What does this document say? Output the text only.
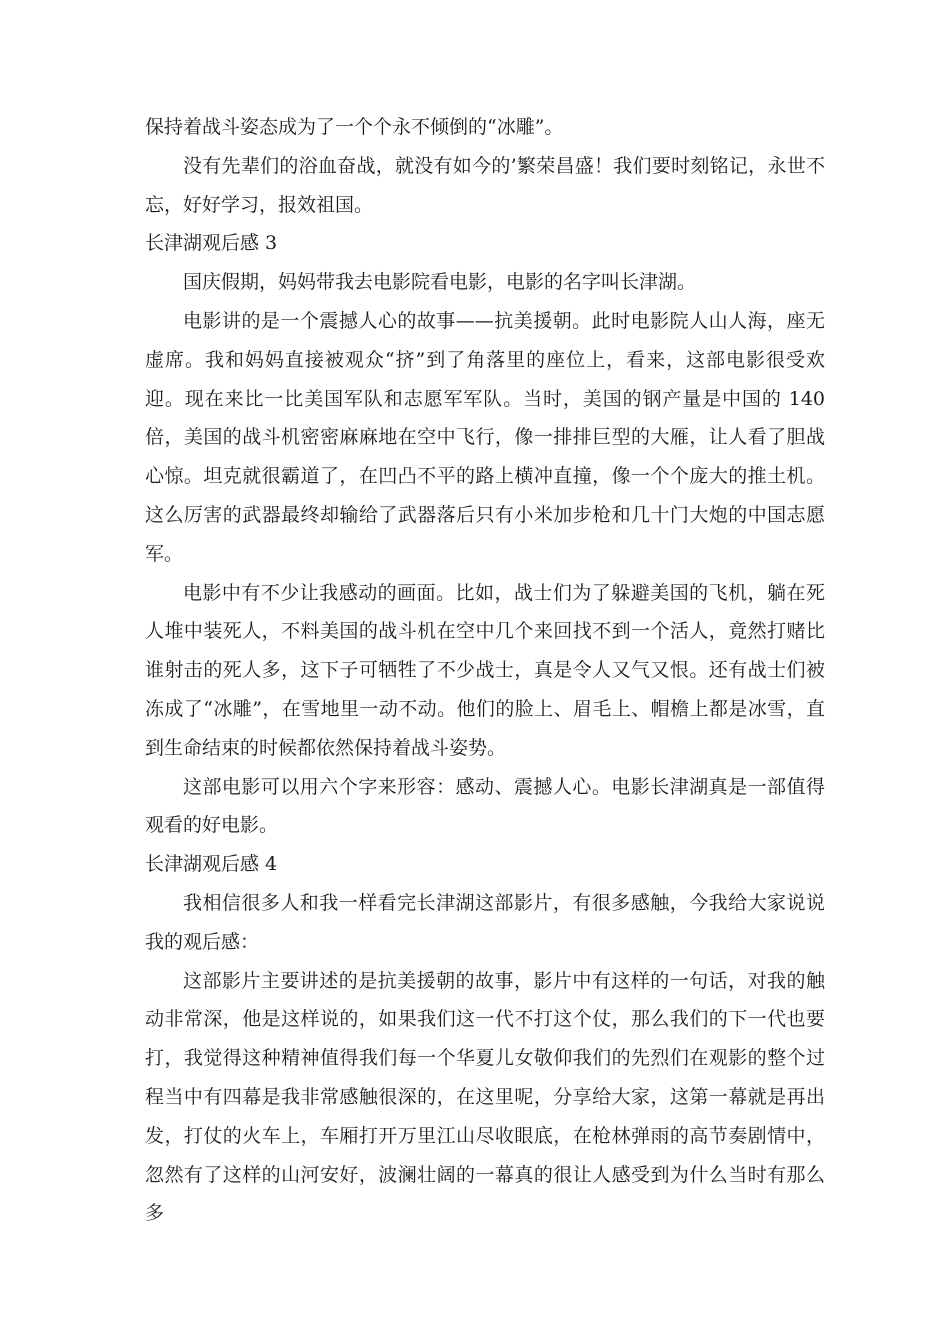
保持着战斗姿态成为了一个个永不倾倒的“冰雕”。

没有先辈们的浴血奋战，就没有如今的’繁荣昌盛！我们要时刻铭记，永世不忘，好好学习，报效祖国。

长津湖观后感 3

国庆假期，妈妈带我去电影院看电影，电影的名字叫长津湖。

电影讲的是一个震撼人心的故事——抗美援朝。此时电影院人山人海，座无虚席。我和妈妈直接被观众“挤”到了角落里的座位上，看来，这部电影很受欢迎。现在来比一比美国军队和志愿军军队。当时，美国的钢产量是中国的 140 倍，美国的战斗机密密麻麻地在空中飞行，像一排排巨型的大雁，让人看了胆战心惊。坦克就很霸道了，在凹凸不平的路上横冲直撞，像一个个庞大的推土机。这么厉害的武器最终却输给了武器落后只有小米加步枪和几十门大炮的中国志愿军。

电影中有不少让我感动的画面。比如，战士们为了躲避美国的飞机，躺在死人堆中装死人，不料美国的战斗机在空中几个来回找不到一个活人，竟然打赌比谁射击的死人多，这下子可牺牲了不少战士，真是令人又气又恨。还有战士们被冻成了“冰雕”，在雪地里一动不动。他们的脸上、眉毛上、帽檐上都是冰雪，直到生命结束的时候都依然保持着战斗姿势。

这部电影可以用六个字来形容：感动、震撼人心。电影长津湖真是一部值得观看的好电影。

长津湖观后感 4

我相信很多人和我一样看完长津湖这部影片，有很多感触，今我给大家说说我的观后感：

这部影片主要讲述的是抗美援朝的故事，影片中有这样的一句话，对我的触动非常深，他是这样说的，如果我们这一代不打这个仗，那么我们的下一代也要打，我觉得这种精神值得我们每一个华夏儿女敬仰我们的先烈们在观影的整个过程当中有四幕是我非常感触很深的，在这里呢，分享给大家，这第一幕就是再出发，打仗的火车上，车厢打开万里江山尽收眼底，在枪林弹雨的高节奏剧情中，忽然有了这样的山河安好，波澜壮阔的一幕真的很让人感受到为什么当时有那么多
